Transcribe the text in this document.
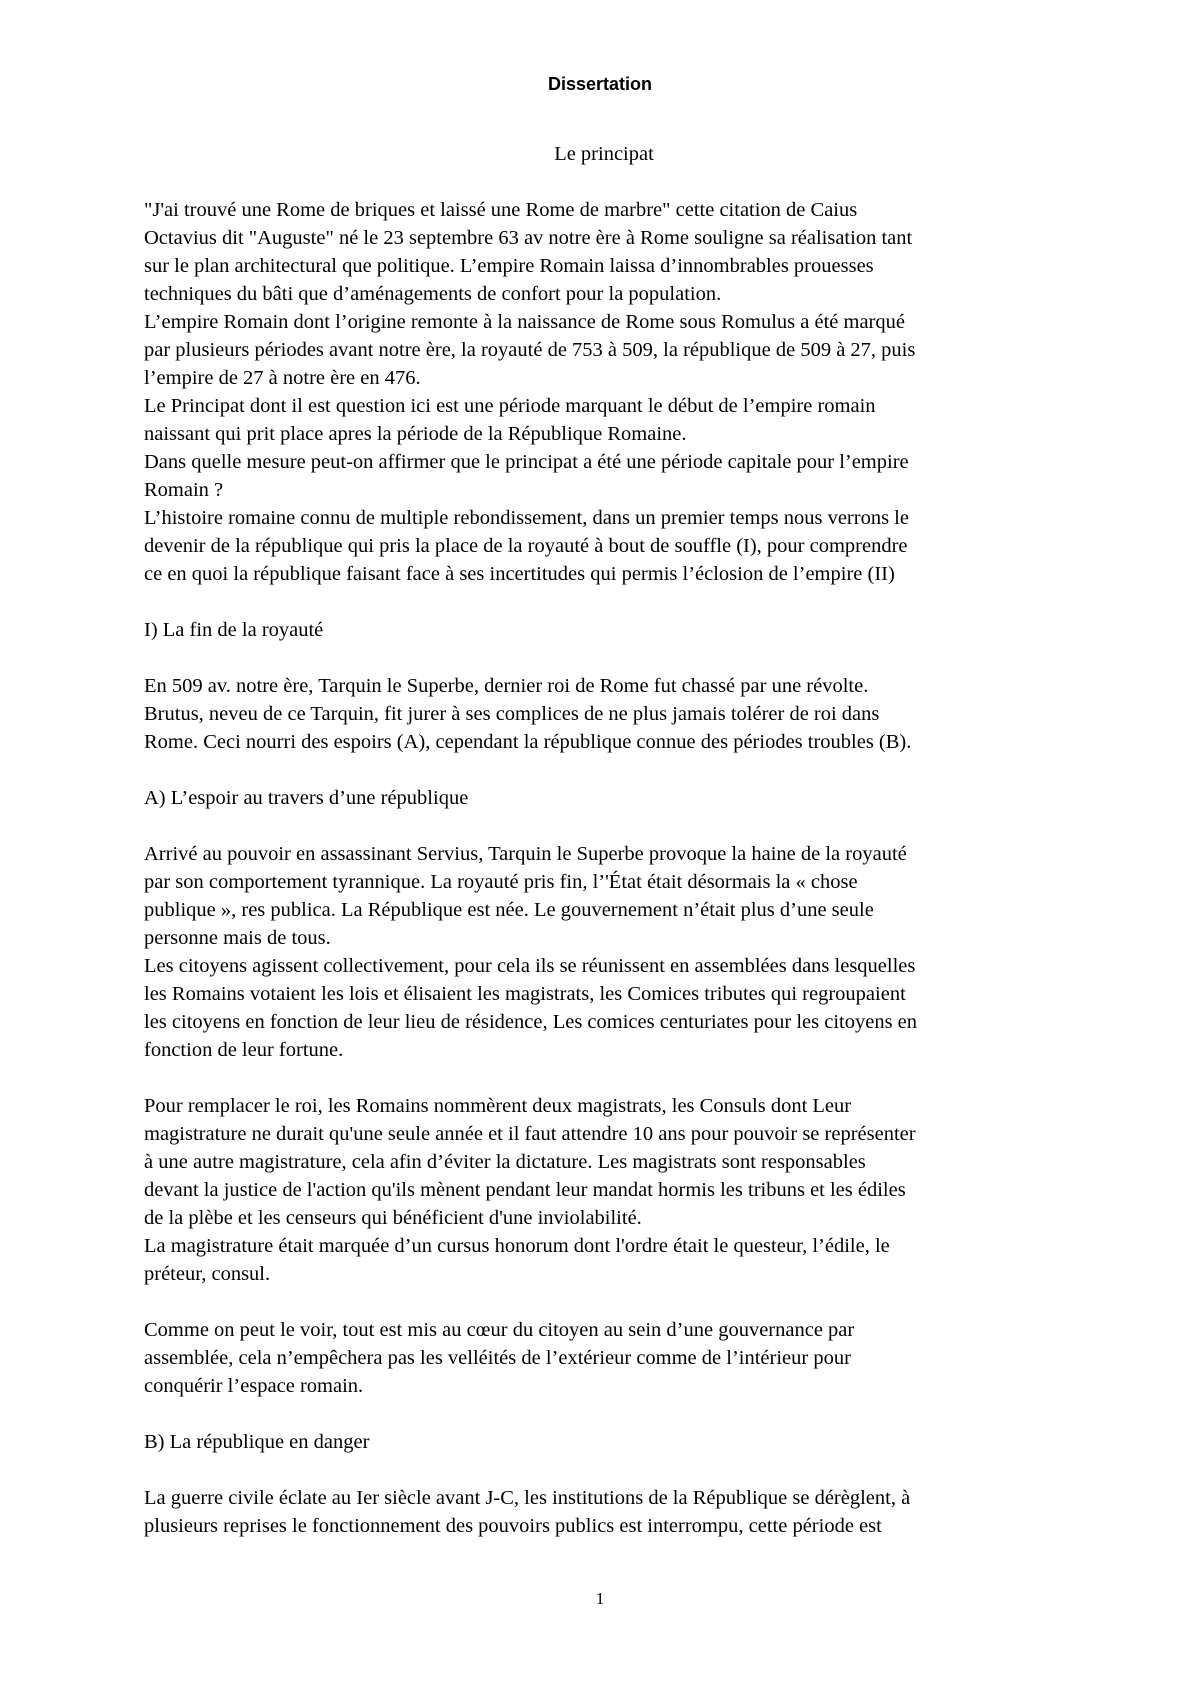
Dissertation

Le principat

"J'ai trouvé une Rome de briques et laissé une Rome de marbre" cette citation de Caius
Octavius dit "Auguste" né le 23 septembre 63 av notre ère à Rome souligne sa réalisation tant
sur le plan architectural que politique. L’empire Romain laissa d’innombrables prouesses
techniques du bâti que d’aménagements de confort pour la population.

L’empire Romain dont l’origine remonte à la naissance de Rome sous Romulus a été marqué
par plusieurs périodes avant notre ère, la royauté de 753 à 509, la république de 509 à 27, puis
l’empire de 27 à notre ère en 476.

Le Principat dont il est question ici est une période marquant le début de l’empire romain
naissant qui prit place apres la période de la République Romaine.

Dans quelle mesure peut-on affirmer que le principat a été une période capitale pour l’empire
Romain ?

L’histoire romaine connu de multiple rebondissement, dans un premier temps nous verrons le
devenir de la république qui pris la place de la royauté à bout de souffle (I), pour comprendre
ce en quoi la république faisant face à ses incertitudes qui permis l’éclosion de l’empire (II)

I) La fin de la royauté

En 509 av. notre ère, Tarquin le Superbe, dernier roi de Rome fut chassé par une révolte.
Brutus, neveu de ce Tarquin, fit jurer à ses complices de ne plus jamais tolérer de roi dans
Rome. Ceci nourri des espoirs (A), cependant la république connue des périodes troubles (B).

A) L’espoir au travers d’une république

Arrivé au pouvoir en assassinant Servius, Tarquin le Superbe provoque la haine de la royauté
par son comportement tyrannique. La royauté pris fin, l’'État était désormais la « chose
publique », res publica. La République est née. Le gouvernement n’était plus d’une seule
personne mais de tous.

Les citoyens agissent collectivement, pour cela ils se réunissent en assemblées dans lesquelles
les Romains votaient les lois et élisaient les magistrats, les Comices tributes qui regroupaient
les citoyens en fonction de leur lieu de résidence, Les comices centuriates pour les citoyens en
fonction de leur fortune.

Pour remplacer le roi, les Romains nommèrent deux magistrats, les Consuls dont Leur
magistrature ne durait qu'une seule année et il faut attendre 10 ans pour pouvoir se représenter
à une autre magistrature, cela afin d’éviter la dictature. Les magistrats sont responsables
devant la justice de l'action qu'ils mènent pendant leur mandat hormis les tribuns et les édiles
de la plèbe et les censeurs qui bénéficient d'une inviolabilité.

La magistrature était marquée d’un cursus honorum dont l'ordre était le questeur, l’édile, le
préteur, consul.

Comme on peut le voir, tout est mis au cœur du citoyen au sein d’une gouvernance par
assemblée, cela n’empêchera pas les velléités de l’extérieur comme de l’intérieur pour
conquérir l’espace romain.

B) La république en danger

La guerre civile éclate au Ier siècle avant J-C, les institutions de la République se dérèglent, à
plusieurs reprises le fonctionnement des pouvoirs publics est interrompu, cette période est

1
